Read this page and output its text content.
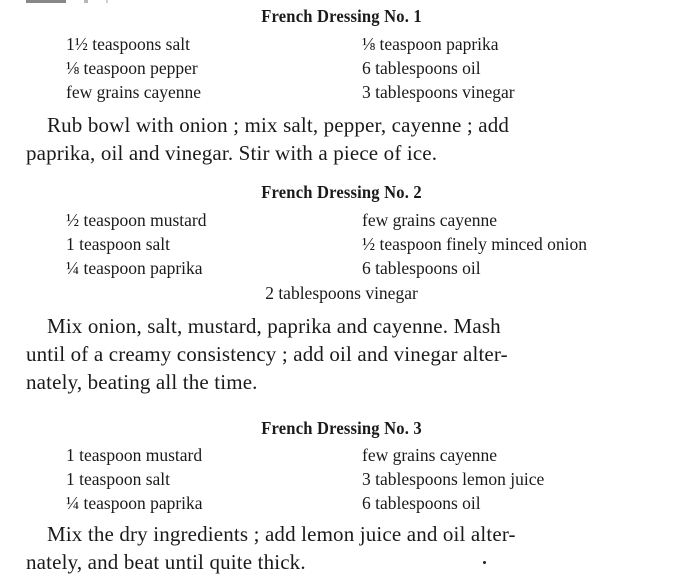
French Dressing No. 1
1½ teaspoons salt
⅛ teaspoon pepper
few grains cayenne
⅛ teaspoon paprika
6 tablespoons oil
3 tablespoons vinegar
Rub bowl with onion ; mix salt, pepper, cayenne ; add
paprika, oil and vinegar. Stir with a piece of ice.
French Dressing No. 2
½ teaspoon mustard
1 teaspoon salt
¼ teaspoon paprika
few grains cayenne
½ teaspoon finely minced onion
6 tablespoons oil
2 tablespoons vinegar
Mix onion, salt, mustard, paprika and cayenne. Mash
until of a creamy consistency ; add oil and vinegar alter-
nately, beating all the time.
French Dressing No. 3
1 teaspoon mustard
1 teaspoon salt
¼ teaspoon paprika
few grains cayenne
3 tablespoons lemon juice
6 tablespoons oil
Mix the dry ingredients ; add lemon juice and oil alter-
nately, and beat until quite thick.
